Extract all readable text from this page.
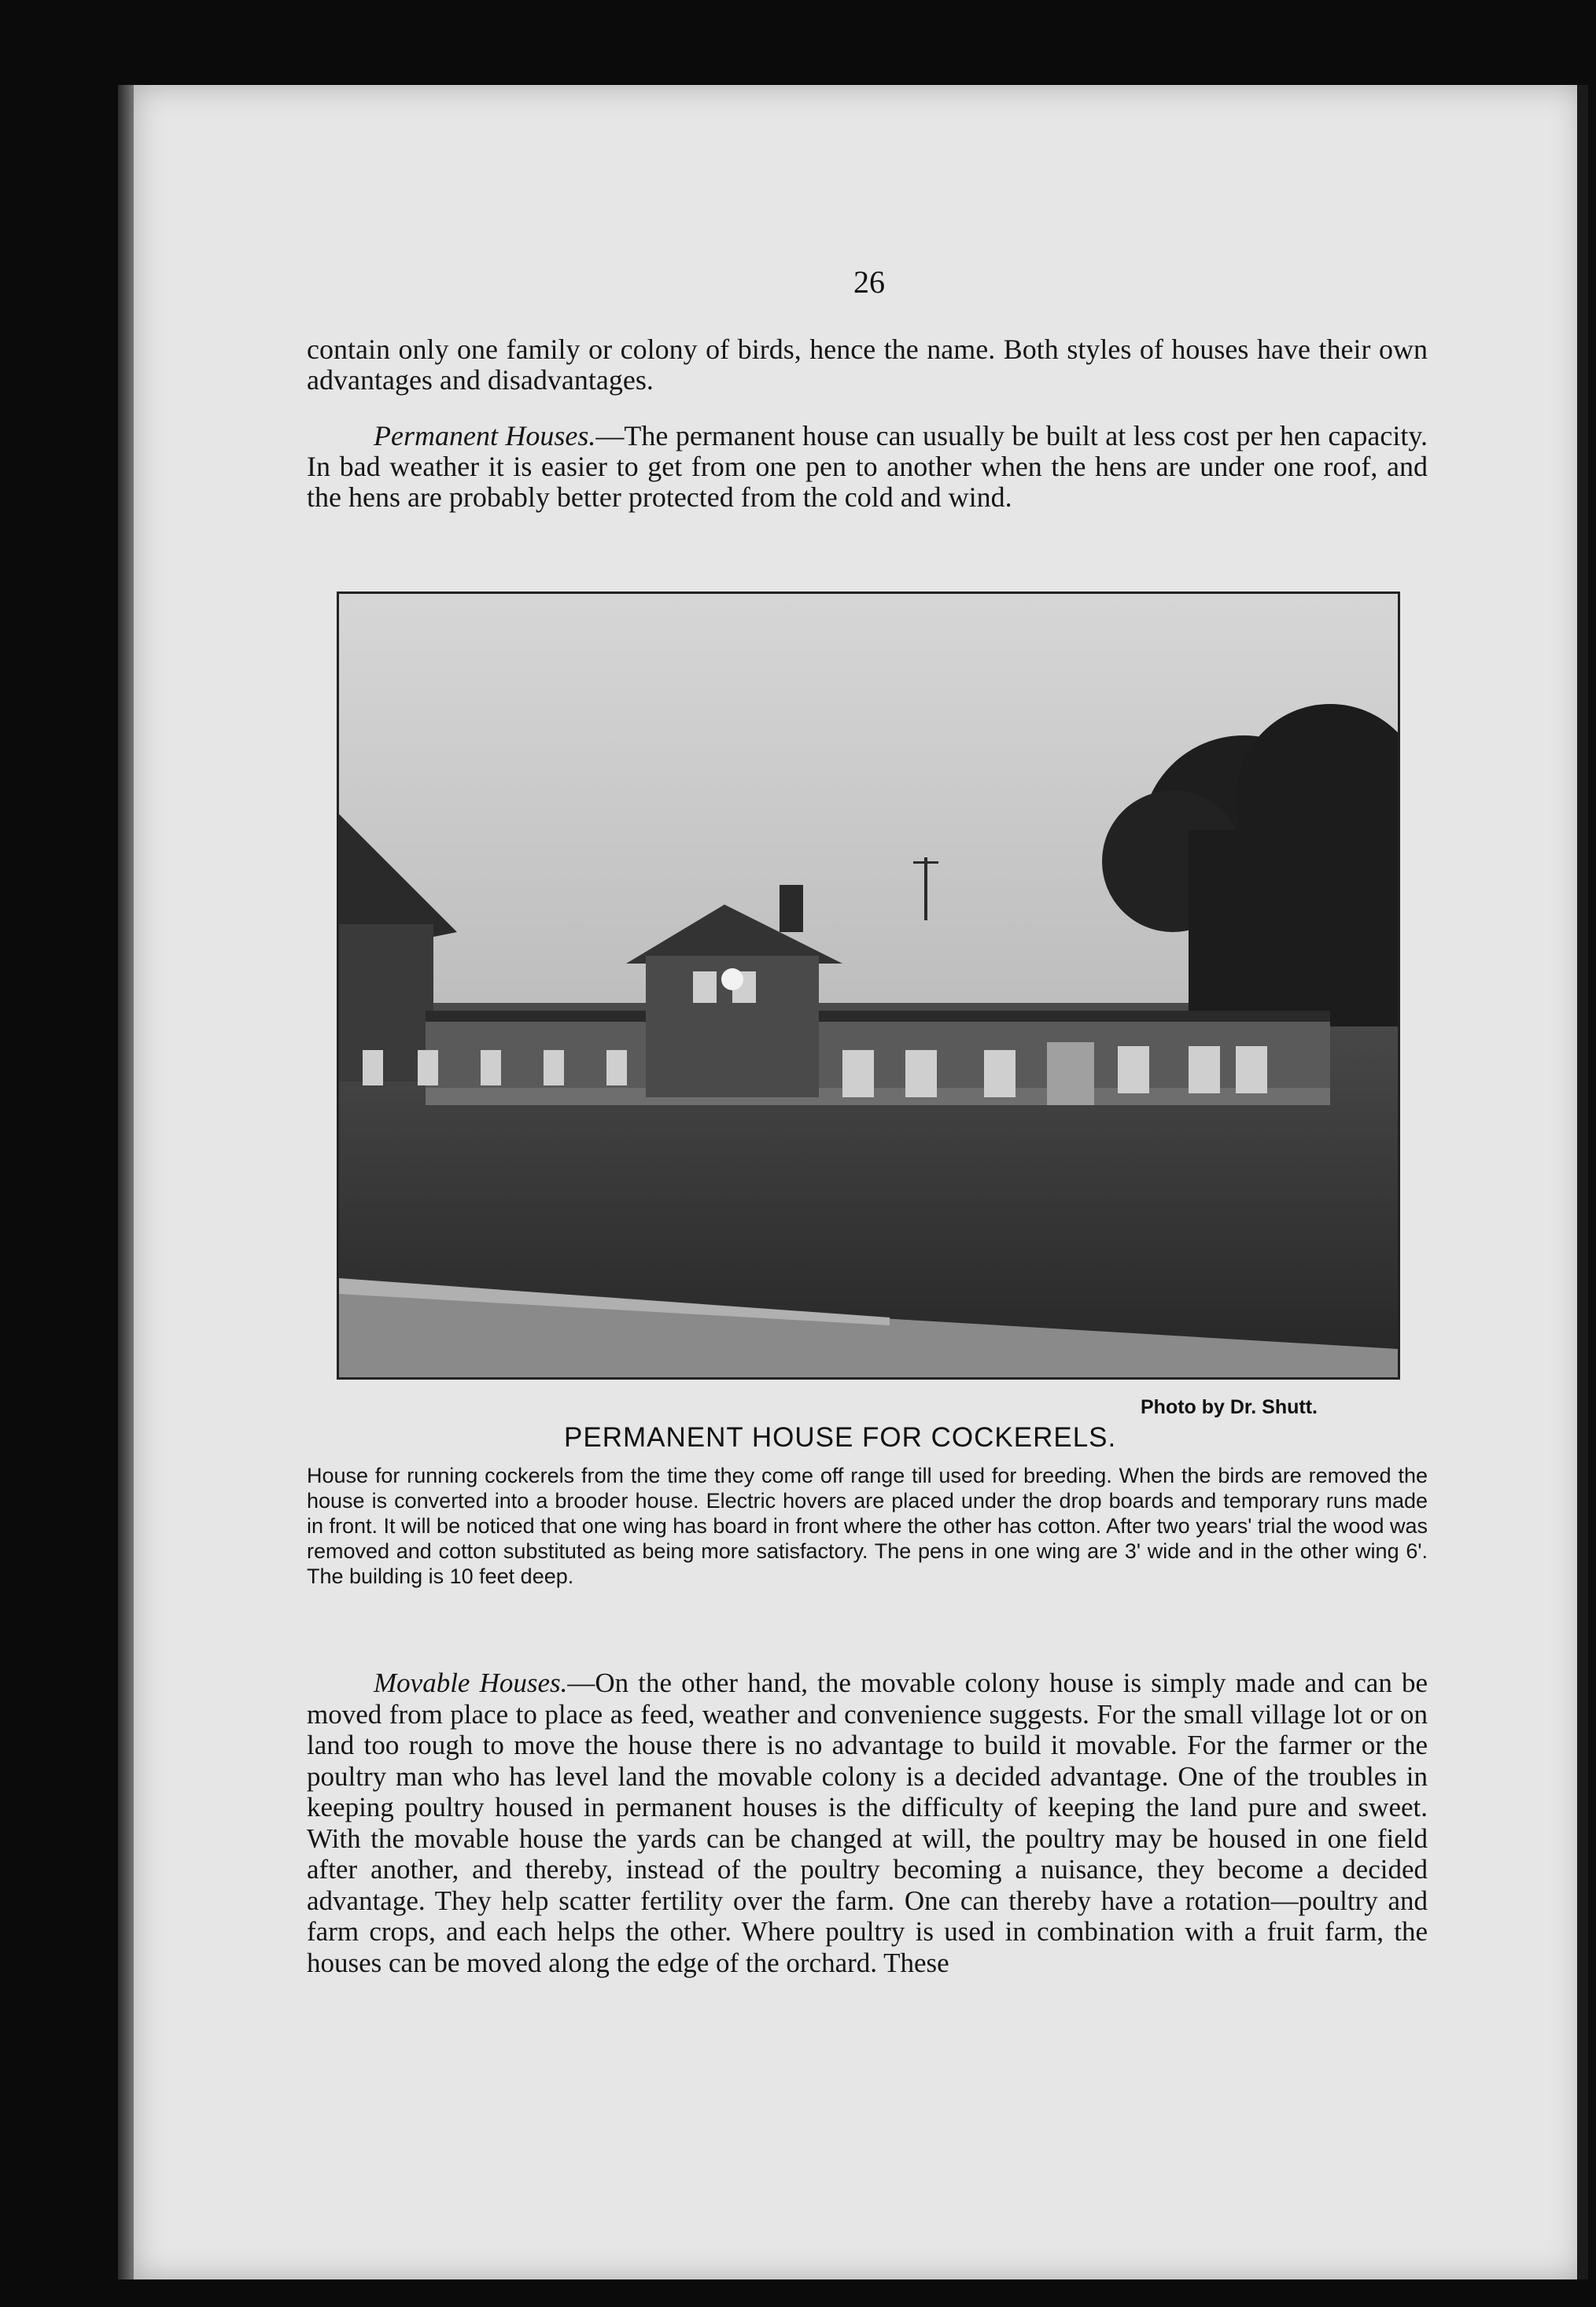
26

contain only one family or colony of birds, hence the name. Both styles of houses have their own advantages and disadvantages.

Permanent Houses.—The permanent house can usually be built at less cost per hen capacity. In bad weather it is easier to get from one pen to another when the hens are under one roof, and the hens are probably better protected from the cold and wind.

Photo by Dr. Shutt.
PERMANENT HOUSE FOR COCKERELS.

House for running cockerels from the time they come off range till used for breeding. When the birds are removed the house is converted into a brooder house. Electric hovers are placed under the drop boards and temporary runs made in front. It will be noticed that one wing has board in front where the other has cotton. After two years' trial the wood was removed and cotton substituted as being more satisfactory. The pens in one wing are 3' wide and in the other wing 6'. The building is 10 feet deep.

Movable Houses.—On the other hand, the movable colony house is simply made and can be moved from place to place as feed, weather and convenience suggests. For the small village lot or on land too rough to move the house there is no advantage to build it movable. For the farmer or the poultry man who has level land the movable colony is a decided advantage. One of the troubles in keeping poultry housed in permanent houses is the difficulty of keeping the land pure and sweet. With the movable house the yards can be changed at will, the poultry may be housed in one field after another, and thereby, instead of the poultry becoming a nuisance, they become a decided advantage. They help scatter fertility over the farm. One can thereby have a rotation—poultry and farm crops, and each helps the other. Where poultry is used in combination with a fruit farm, the houses can be moved along the edge of the orchard. These
